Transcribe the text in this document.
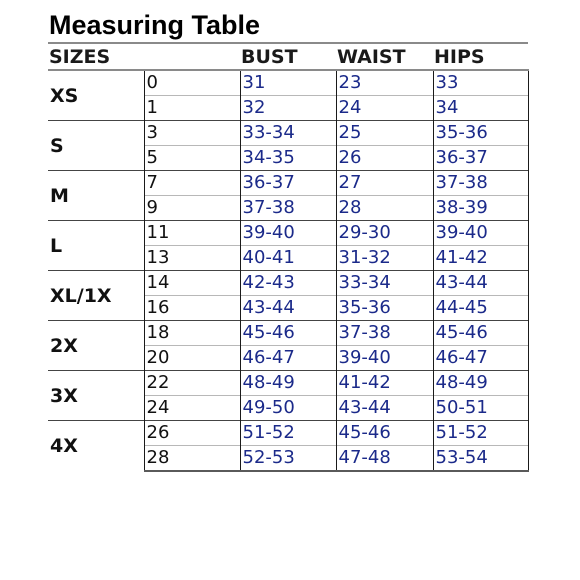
Measuring Table
SIZES		BUST	WAIST	HIPS
XS	0	31	23	33
	1	32	24	34
S	3	33-34	25	35-36
	5	34-35	26	36-37
M	7	36-37	27	37-38
	9	37-38	28	38-39
L	11	39-40	29-30	39-40
	13	40-41	31-32	41-42
XL/1X	14	42-43	33-34	43-44
	16	43-44	35-36	44-45
2X	18	45-46	37-38	45-46
	20	46-47	39-40	46-47
3X	22	48-49	41-42	48-49
	24	49-50	43-44	50-51
4X	26	51-52	45-46	51-52
	28	52-53	47-48	53-54
